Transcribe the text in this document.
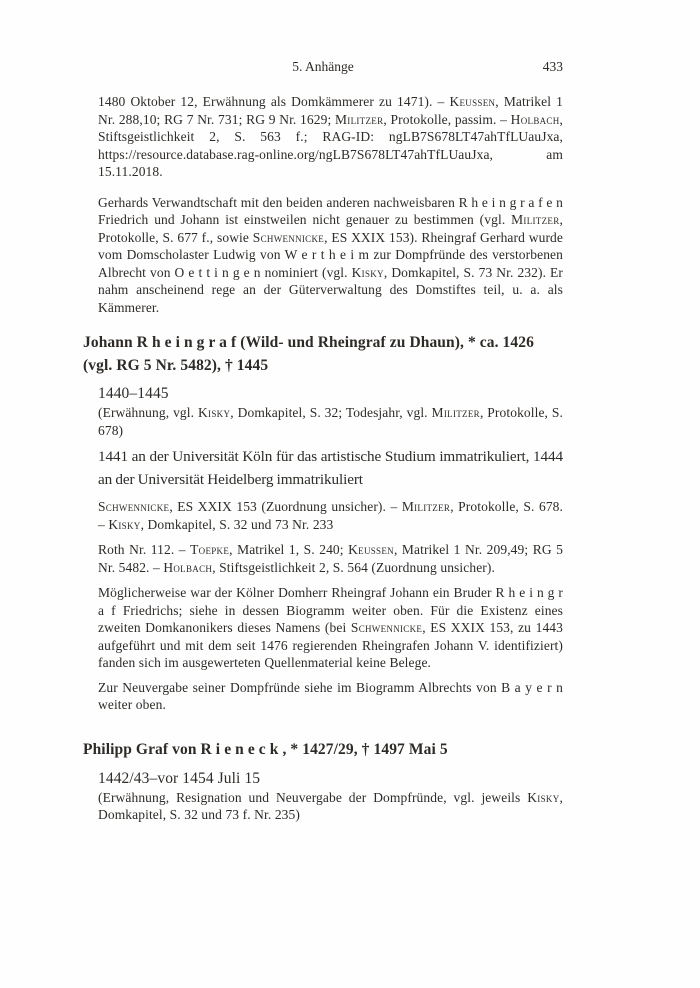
5. Anhänge	433

1480 Oktober 12, Erwähnung als Domkämmerer zu 1471). – Keussen, Matrikel 1 Nr. 288,10; RG 7 Nr. 731; RG 9 Nr. 1629; Militzer, Protokolle, passim. – Holbach, Stiftsgeistlichkeit 2, S. 563 f.; RAG-ID: ngLB7S678LT47ahTfLUauJxa, https://resource.database.rag-online.org/ngLB7S678LT47ahTfLUauJxa, am 15.11.2018.

Gerhards Verwandtschaft mit den beiden anderen nachweisbaren R h e i n g r a f e n Friedrich und Johann ist einstweilen nicht genauer zu bestimmen (vgl. Militzer, Protokolle, S. 677 f., sowie Schwennicke, ES XXIX 153). Rheingraf Gerhard wurde vom Domscholaster Ludwig von W e r t h e i m zur Dompfründe des verstorbenen Albrecht von O e t t i n g e n nominiert (vgl. Kisky, Domkapitel, S. 73 Nr. 232). Er nahm anscheinend rege an der Güterverwaltung des Domstiftes teil, u. a. als Kämmerer.

Johann R h e i n g r a f (Wild- und Rheingraf zu Dhaun), * ca. 1426 (vgl. RG 5 Nr. 5482), † 1445

1440–1445

(Erwähnung, vgl. Kisky, Domkapitel, S. 32; Todesjahr, vgl. Militzer, Protokolle, S. 678)

1441 an der Universität Köln für das artistische Studium immatrikuliert, 1444 an der Universität Heidelberg immatrikuliert

Schwennicke, ES XXIX 153 (Zuordnung unsicher). – Militzer, Protokolle, S. 678. – Kisky, Domkapitel, S. 32 und 73 Nr. 233

Roth Nr. 112. – Toepke, Matrikel 1, S. 240; Keussen, Matrikel 1 Nr. 209,49; RG 5 Nr. 5482. – Holbach, Stiftsgeistlichkeit 2, S. 564 (Zuordnung unsicher).

Möglicherweise war der Kölner Domherr Rheingraf Johann ein Bruder R h e i n g r a f Friedrichs; siehe in dessen Biogramm weiter oben. Für die Existenz eines zweiten Domkanonikers dieses Namens (bei Schwennicke, ES XXIX 153, zu 1443 aufgeführt und mit dem seit 1476 regierenden Rheingrafen Johann V. identifiziert) fanden sich im ausgewerteten Quellenmaterial keine Belege.

Zur Neuvergabe seiner Dompfründe siehe im Biogramm Albrechts von B a y e r n weiter oben.

Philipp Graf von R i e n e c k , * 1427/29, † 1497 Mai 5

1442/43–vor 1454 Juli 15

(Erwähnung, Resignation und Neuvergabe der Dompfründe, vgl. jeweils Kisky, Domkapitel, S. 32 und 73 f. Nr. 235)
